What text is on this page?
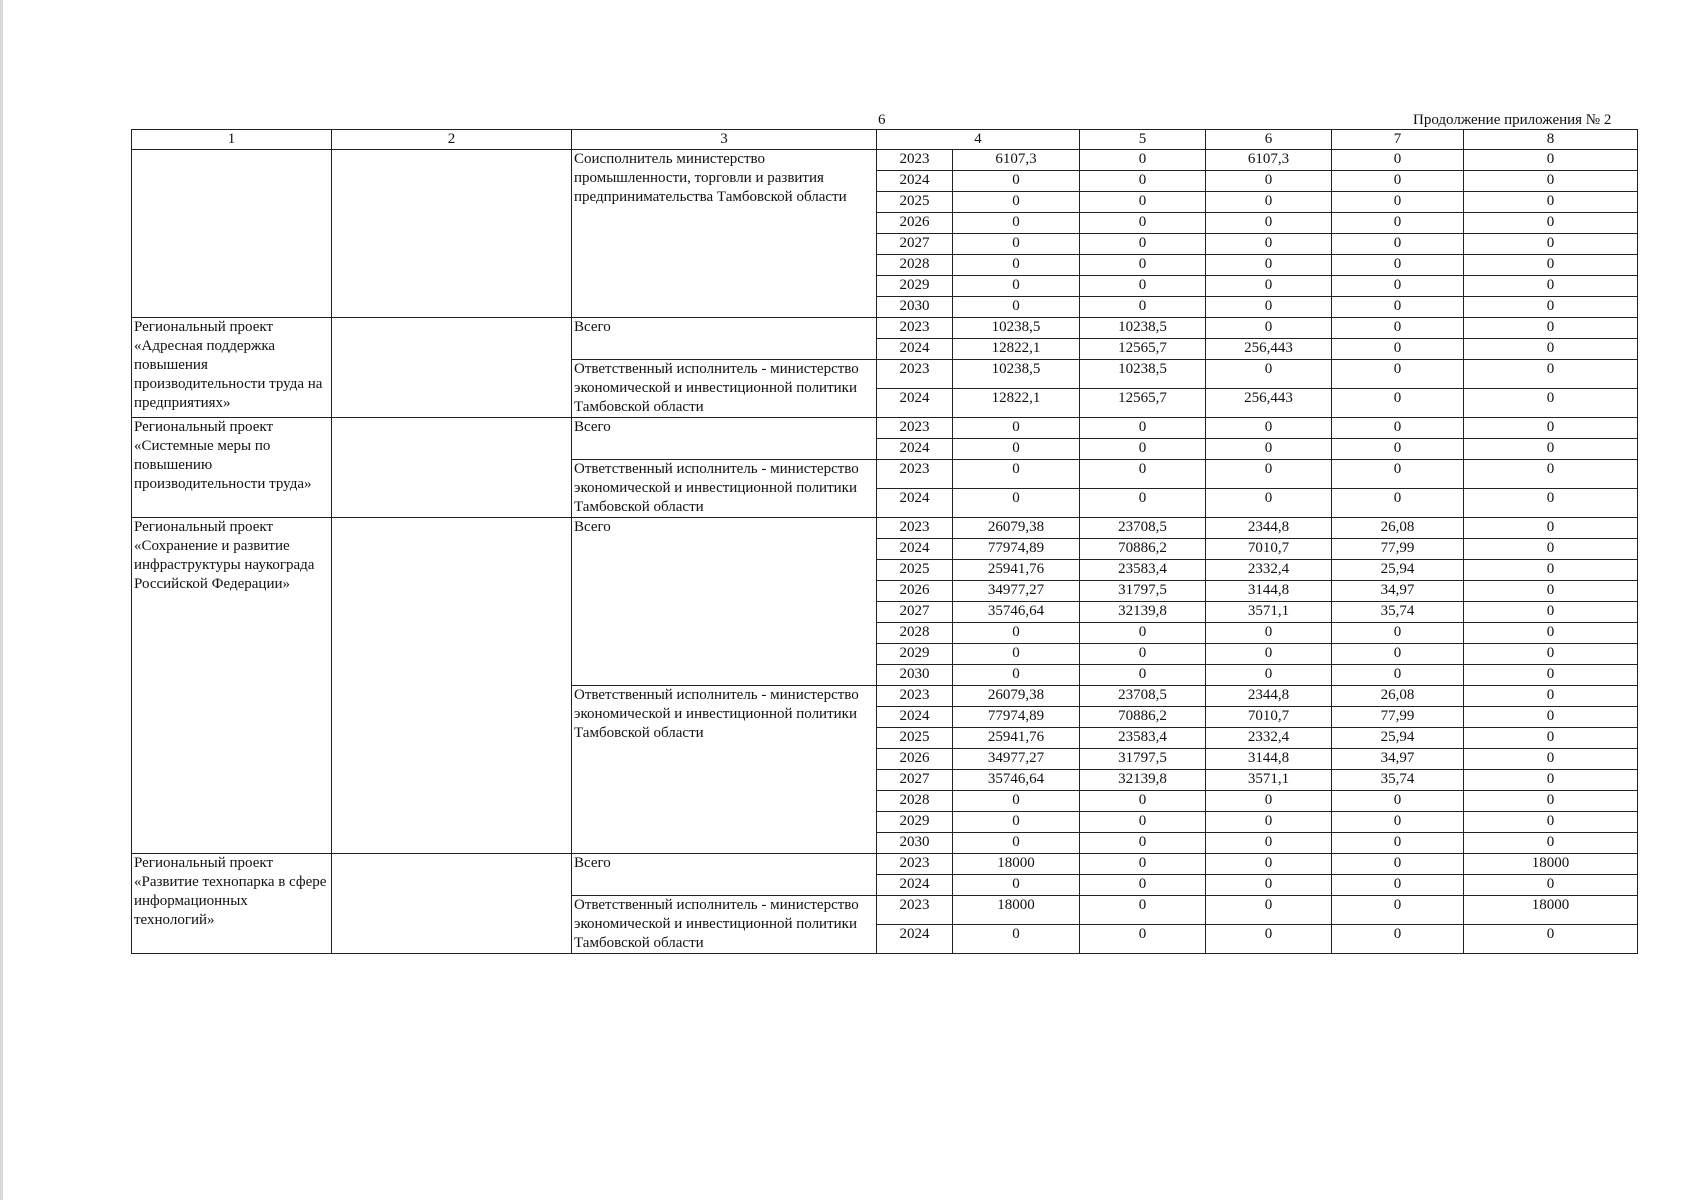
6	Продолжение приложения № 2
1	2	3	4		5	6	7	8
		Соисполнитель министерство промышленности, торговли и развития предпринимательства Тамбовской области	2023	6107,3	0	6107,3	0	0
			2024	0	0	0	0	0
			2025	0	0	0	0	0
			2026	0	0	0	0	0
			2027	0	0	0	0	0
			2028	0	0	0	0	0
			2029	0	0	0	0	0
			2030	0	0	0	0	0
Региональный проект «Адресная поддержка повышения производительности труда на предприятиях»		Всего	2023	10238,5	10238,5	0	0	0
			2024	12822,1	12565,7	256,443	0	0
		Ответственный исполнитель - министерство экономической и инвестиционной политики Тамбовской области	2023	10238,5	10238,5	0	0	0
			2024	12822,1	12565,7	256,443	0	0
Региональный проект «Системные меры по повышению производительности труда»		Всего	2023	0	0	0	0	0
			2024	0	0	0	0	0
		Ответственный исполнитель - министерство экономической и инвестиционной политики Тамбовской области	2023	0	0	0	0	0
			2024	0	0	0	0	0
Региональный проект «Сохранение и развитие инфраструктуры наукограда Российской Федерации»		Всего	2023	26079,38	23708,5	2344,8	26,08	0
			2024	77974,89	70886,2	7010,7	77,99	0
			2025	25941,76	23583,4	2332,4	25,94	0
			2026	34977,27	31797,5	3144,8	34,97	0
			2027	35746,64	32139,8	3571,1	35,74	0
			2028	0	0	0	0	0
			2029	0	0	0	0	0
			2030	0	0	0	0	0
		Ответственный исполнитель - министерство экономической и инвестиционной политики Тамбовской области	2023	26079,38	23708,5	2344,8	26,08	0
			2024	77974,89	70886,2	7010,7	77,99	0
			2025	25941,76	23583,4	2332,4	25,94	0
			2026	34977,27	31797,5	3144,8	34,97	0
			2027	35746,64	32139,8	3571,1	35,74	0
			2028	0	0	0	0	0
			2029	0	0	0	0	0
			2030	0	0	0	0	0
Региональный проект «Развитие технопарка в сфере информационных технологий»		Всего	2023	18000	0	0	0	18000
			2024	0	0	0	0	0
		Ответственный исполнитель - министерство экономической и инвестиционной политики Тамбовской области	2023	18000	0	0	0	18000
			2024	0	0	0	0	0
